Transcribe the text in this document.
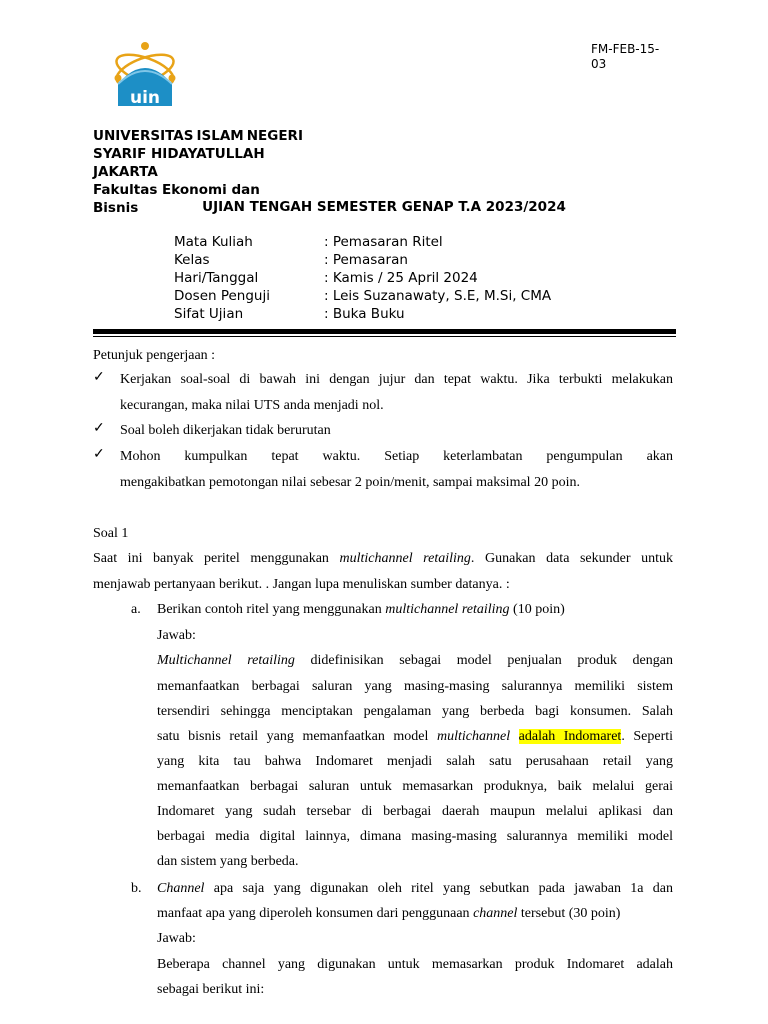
uin
FM-FEB-15-03
UNIVERSITAS ISLAM NEGERI
SYARIF HIDAYATULLAH JAKARTA
Fakultas Ekonomi dan Bisnis	UJIAN TENGAH SEMESTER GENAP T.A 2023/2024
Mata Kuliah	: Pemasaran Ritel
Kelas	: Pemasaran
Hari/Tanggal	: Kamis / 25 April 2024
Dosen Penguji	: Leis Suzanawaty, S.E, M.Si, CMA
Sifat Ujian	: Buka Buku
Petunjuk pengerjaan :
✓ Kerjakan soal-soal di bawah ini dengan jujur dan tepat waktu. Jika terbukti melakukan
kecurangan, maka nilai UTS anda menjadi nol.
✓ Soal boleh dikerjakan tidak berurutan
✓ Mohon kumpulkan tepat waktu. Setiap keterlambatan pengumpulan akan
mengakibatkan pemotongan nilai sebesar 2 poin/menit, sampai maksimal 20 poin.
Soal 1
Saat ini banyak peritel menggunakan multichannel retailing. Gunakan data sekunder untuk
menjawab pertanyaan berikut. . Jangan lupa menuliskan sumber datanya. :
a. Berikan contoh ritel yang menggunakan multichannel retailing (10 poin)
Jawab:
Multichannel retailing didefinisikan sebagai model penjualan produk dengan
memanfaatkan berbagai saluran yang masing-masing salurannya memiliki sistem
tersendiri sehingga menciptakan pengalaman yang berbeda bagi konsumen. Salah
satu bisnis retail yang memanfaatkan model multichannel adalah Indomaret. Seperti
yang kita tau bahwa Indomaret menjadi salah satu perusahaan retail yang
memanfaatkan berbagai saluran untuk memasarkan produknya, baik melalui gerai
Indomaret yang sudah tersebar di berbagai daerah maupun melalui aplikasi dan
berbagai media digital lainnya, dimana masing-masing salurannya memiliki model
dan sistem yang berbeda.
b. Channel apa saja yang digunakan oleh ritel yang sebutkan pada jawaban 1a dan
manfaat apa yang diperoleh konsumen dari penggunaan channel tersebut (30 poin)
Jawab:
Beberapa channel yang digunakan untuk memasarkan produk Indomaret adalah
sebagai berikut ini:
